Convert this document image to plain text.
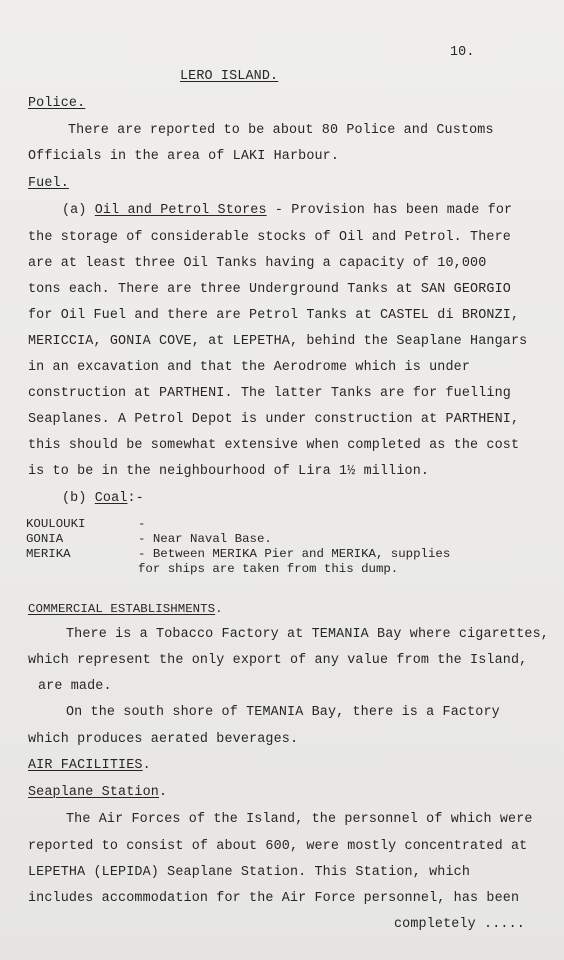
10.
LERO ISLAND.
Police.
There are reported to be about 80 Police and Customs
Officials in the area of LAKI Harbour.
Fuel.
(a) Oil and Petrol Stores - Provision has been made for
the storage of considerable stocks of Oil and Petrol. There
are at least three Oil Tanks having a capacity of 10,000
tons each. There are three Underground Tanks at SAN GEORGIO
for Oil Fuel and there are Petrol Tanks at CASTEL di BRONZI,
MERICCIA, GONIA COVE, at LEPETHA, behind the Seaplane Hangars
in an excavation and that the Aerodrome which is under
construction at PARTHENI. The latter Tanks are for fuelling
Seaplanes. A Petrol Depot is under construction at PARTHENI,
this should be somewhat extensive when completed as the cost
is to be in the neighbourhood of Lira 1½ million.
(b) Coal:-
KOULOUKI	-
GONIA	- Near Naval Base.
MERIKA	- Between MERIKA Pier and MERIKA, supplies
for ships are taken from this dump.
COMMERCIAL ESTABLISHMENTS.
There is a Tobacco Factory at TEMANIA Bay where cigarettes,
which represent the only export of any value from the Island,
are made.
On the south shore of TEMANIA Bay, there is a Factory
which produces aerated beverages.
AIR FACILITIES.
Seaplane Station.
The Air Forces of the Island, the personnel of which were
reported to consist of about 600, were mostly concentrated at
LEPETHA (LEPIDA) Seaplane Station. This Station, which
includes accommodation for the Air Force personnel, has been
completely .....
